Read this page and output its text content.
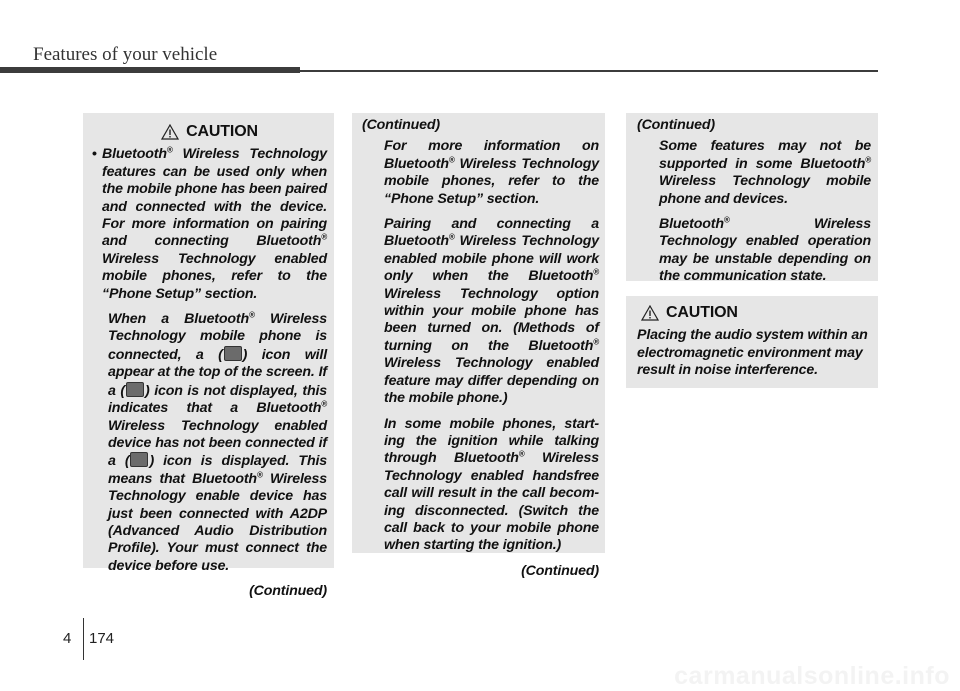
Features of your vehicle
CAUTION
• Bluetooth® Wireless Technology features can be used only when the mobile phone has been paired and connected with the device. For more information on pairing and connecting Bluetooth® Wireless Technology enabled mobile phones, refer to the “Phone Setup” section.

When a Bluetooth® Wireless Technology mobile phone is connected, a ( ) icon will appear at the top of the screen. If a ( ) icon is not displayed, this indicates that a Bluetooth® Wireless Technology enabled device has not been connected if a ( ) icon is displayed. This means that Bluetooth® Wireless Technology enable device has just been connected with A2DP (Advanced Audio Distribution Profile). Your must connect the device before use.

(Continued)

(Continued)

For more information on Bluetooth® Wireless Technology mobile phones, refer to the “Phone Setup” section.

Pairing and connecting a Bluetooth® Wireless Technology enabled mobile phone will work only when the Bluetooth® Wireless Technology option within your mobile phone has been turned on. (Methods of turning on the Bluetooth® Wireless Technology enabled feature may differ depending on the mobile phone.)

In some mobile phones, start-ing the ignition while talking through Bluetooth® Wireless Technology enabled handsfree call will result in the call becom-ing disconnected. (Switch the call back to your mobile phone when starting the ignition.)

(Continued)

(Continued)

Some features may not be supported in some Bluetooth® Wireless Technology mobile phone and devices.

Bluetooth® Wireless Technology enabled operation may be unstable depending on the communication state.

CAUTION

Placing the audio system within an electromagnetic environment may result in noise interference.

4 174
carmanualsonline.info
